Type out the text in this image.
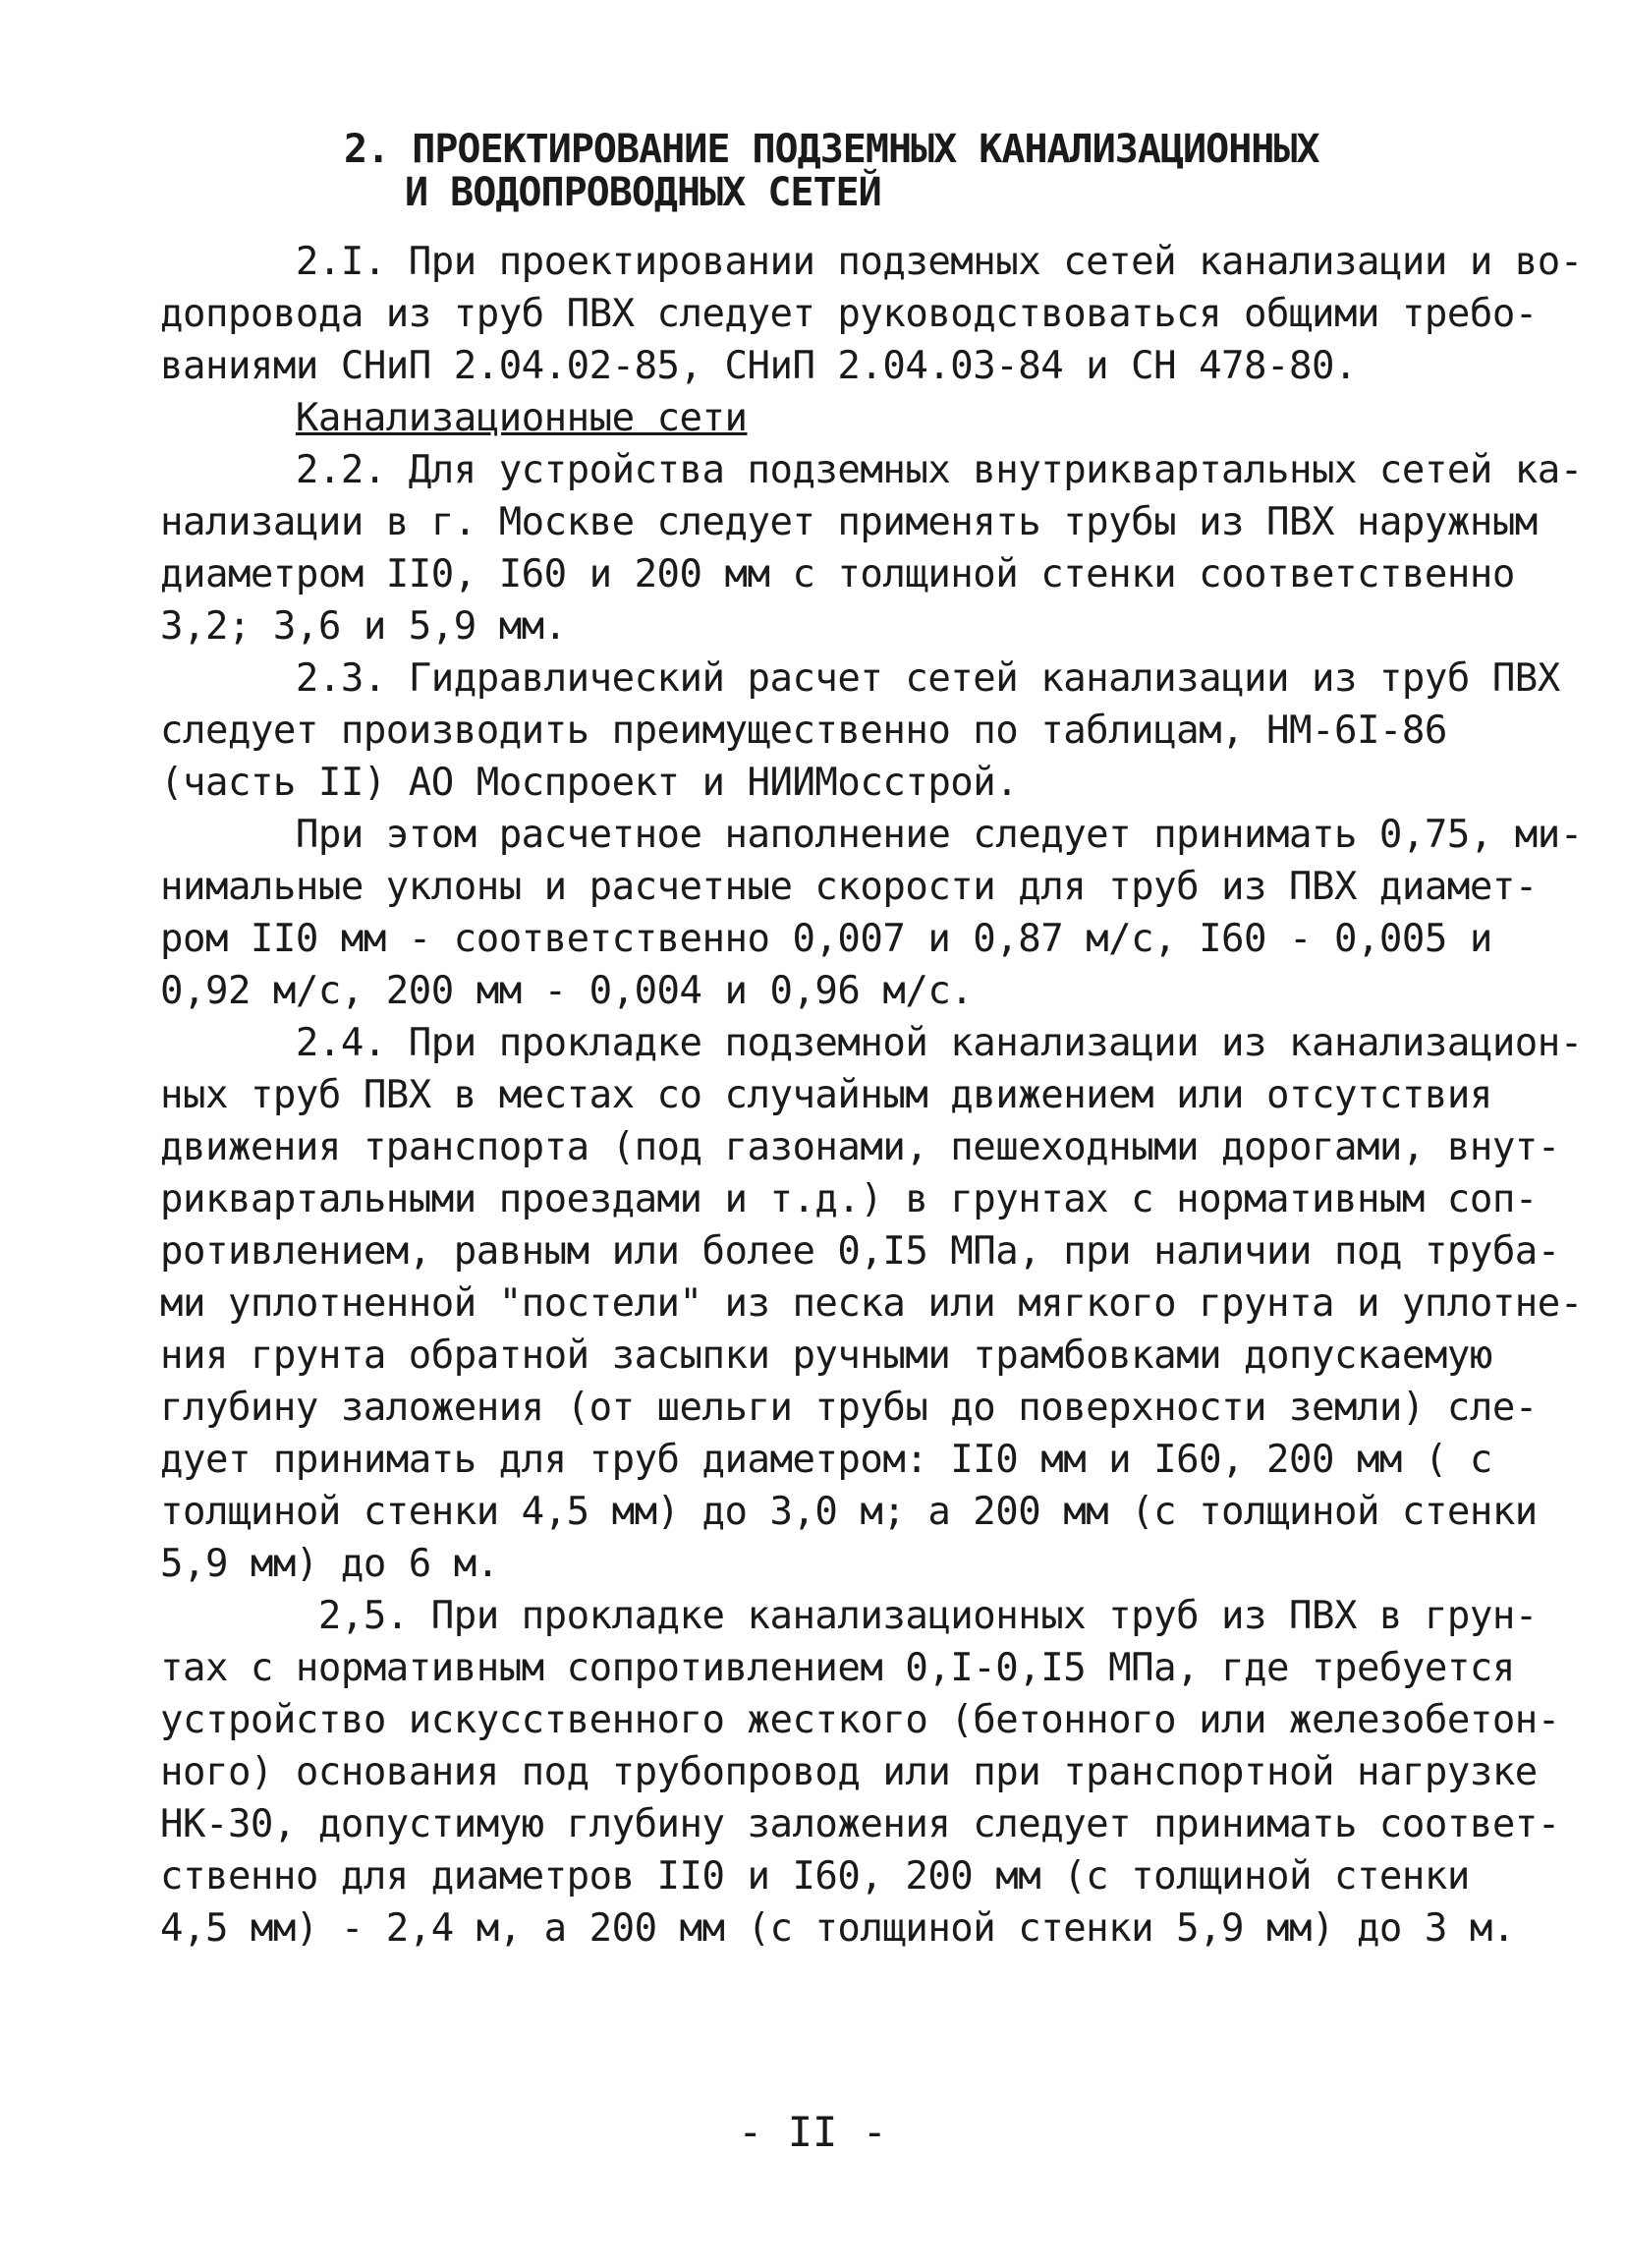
2. ПРОЕКТИРОВАНИЕ ПОДЗЕМНЫХ КАНАЛИЗАЦИОННЫХ
И ВОДОПРОВОДНЫХ СЕТЕЙ
2.I. При проектировании подземных сетей канализации и во-
допровода из труб ПВХ следует руководствоваться общими требо-
ваниями СНиП 2.04.02-85, СНиП 2.04.03-84 и СН 478-80.
Канализационные сети
2.2. Для устройства подземных внутриквартальных сетей ка-
нализации в г. Москве следует применять трубы из ПВХ наружным
диаметром II0, I60 и 200 мм с толщиной стенки соответственно
3,2; 3,6 и 5,9 мм.
2.3. Гидравлический расчет сетей канализации из труб ПВХ
следует производить преимущественно по таблицам, НМ-6I-86
(часть II) АО Моспроект и НИИМосстрой.
При этом расчетное наполнение следует принимать 0,75, ми-
нимальные уклоны и расчетные скорости для труб из ПВХ диамет-
ром II0 мм - соответственно 0,007 и 0,87 м/с, I60 - 0,005 и
0,92 м/с, 200 мм - 0,004 и 0,96 м/с.
2.4. При прокладке подземной канализации из канализацион-
ных труб ПВХ в местах со случайным движением или отсутствия
движения транспорта (под газонами, пешеходными дорогами, внут-
риквартальными проездами и т.д.) в грунтах с нормативным соп-
ротивлением, равным или более 0,I5 МПа, при наличии под труба-
ми уплотненной "постели" из песка или мягкого грунта и уплотне-
ния грунта обратной засыпки ручными трамбовками допускаемую
глубину заложения (от шельги трубы до поверхности земли) сле-
дует принимать для труб диаметром: II0 мм и I60, 200 мм ( с
толщиной стенки 4,5 мм) до 3,0 м; а 200 мм (с толщиной стенки
5,9 мм) до 6 м.
2,5. При прокладке канализационных труб из ПВХ в грун-
тах с нормативным сопротивлением 0,I-0,I5 МПа, где требуется
устройство искусственного жесткого (бетонного или железобетон-
ного) основания под трубопровод или при транспортной нагрузке
НК-30, допустимую глубину заложения следует принимать соответ-
ственно для диаметров II0 и I60, 200 мм (с толщиной стенки
4,5 мм) - 2,4 м, а 200 мм (с толщиной стенки 5,9 мм) до 3 м.
- II -
